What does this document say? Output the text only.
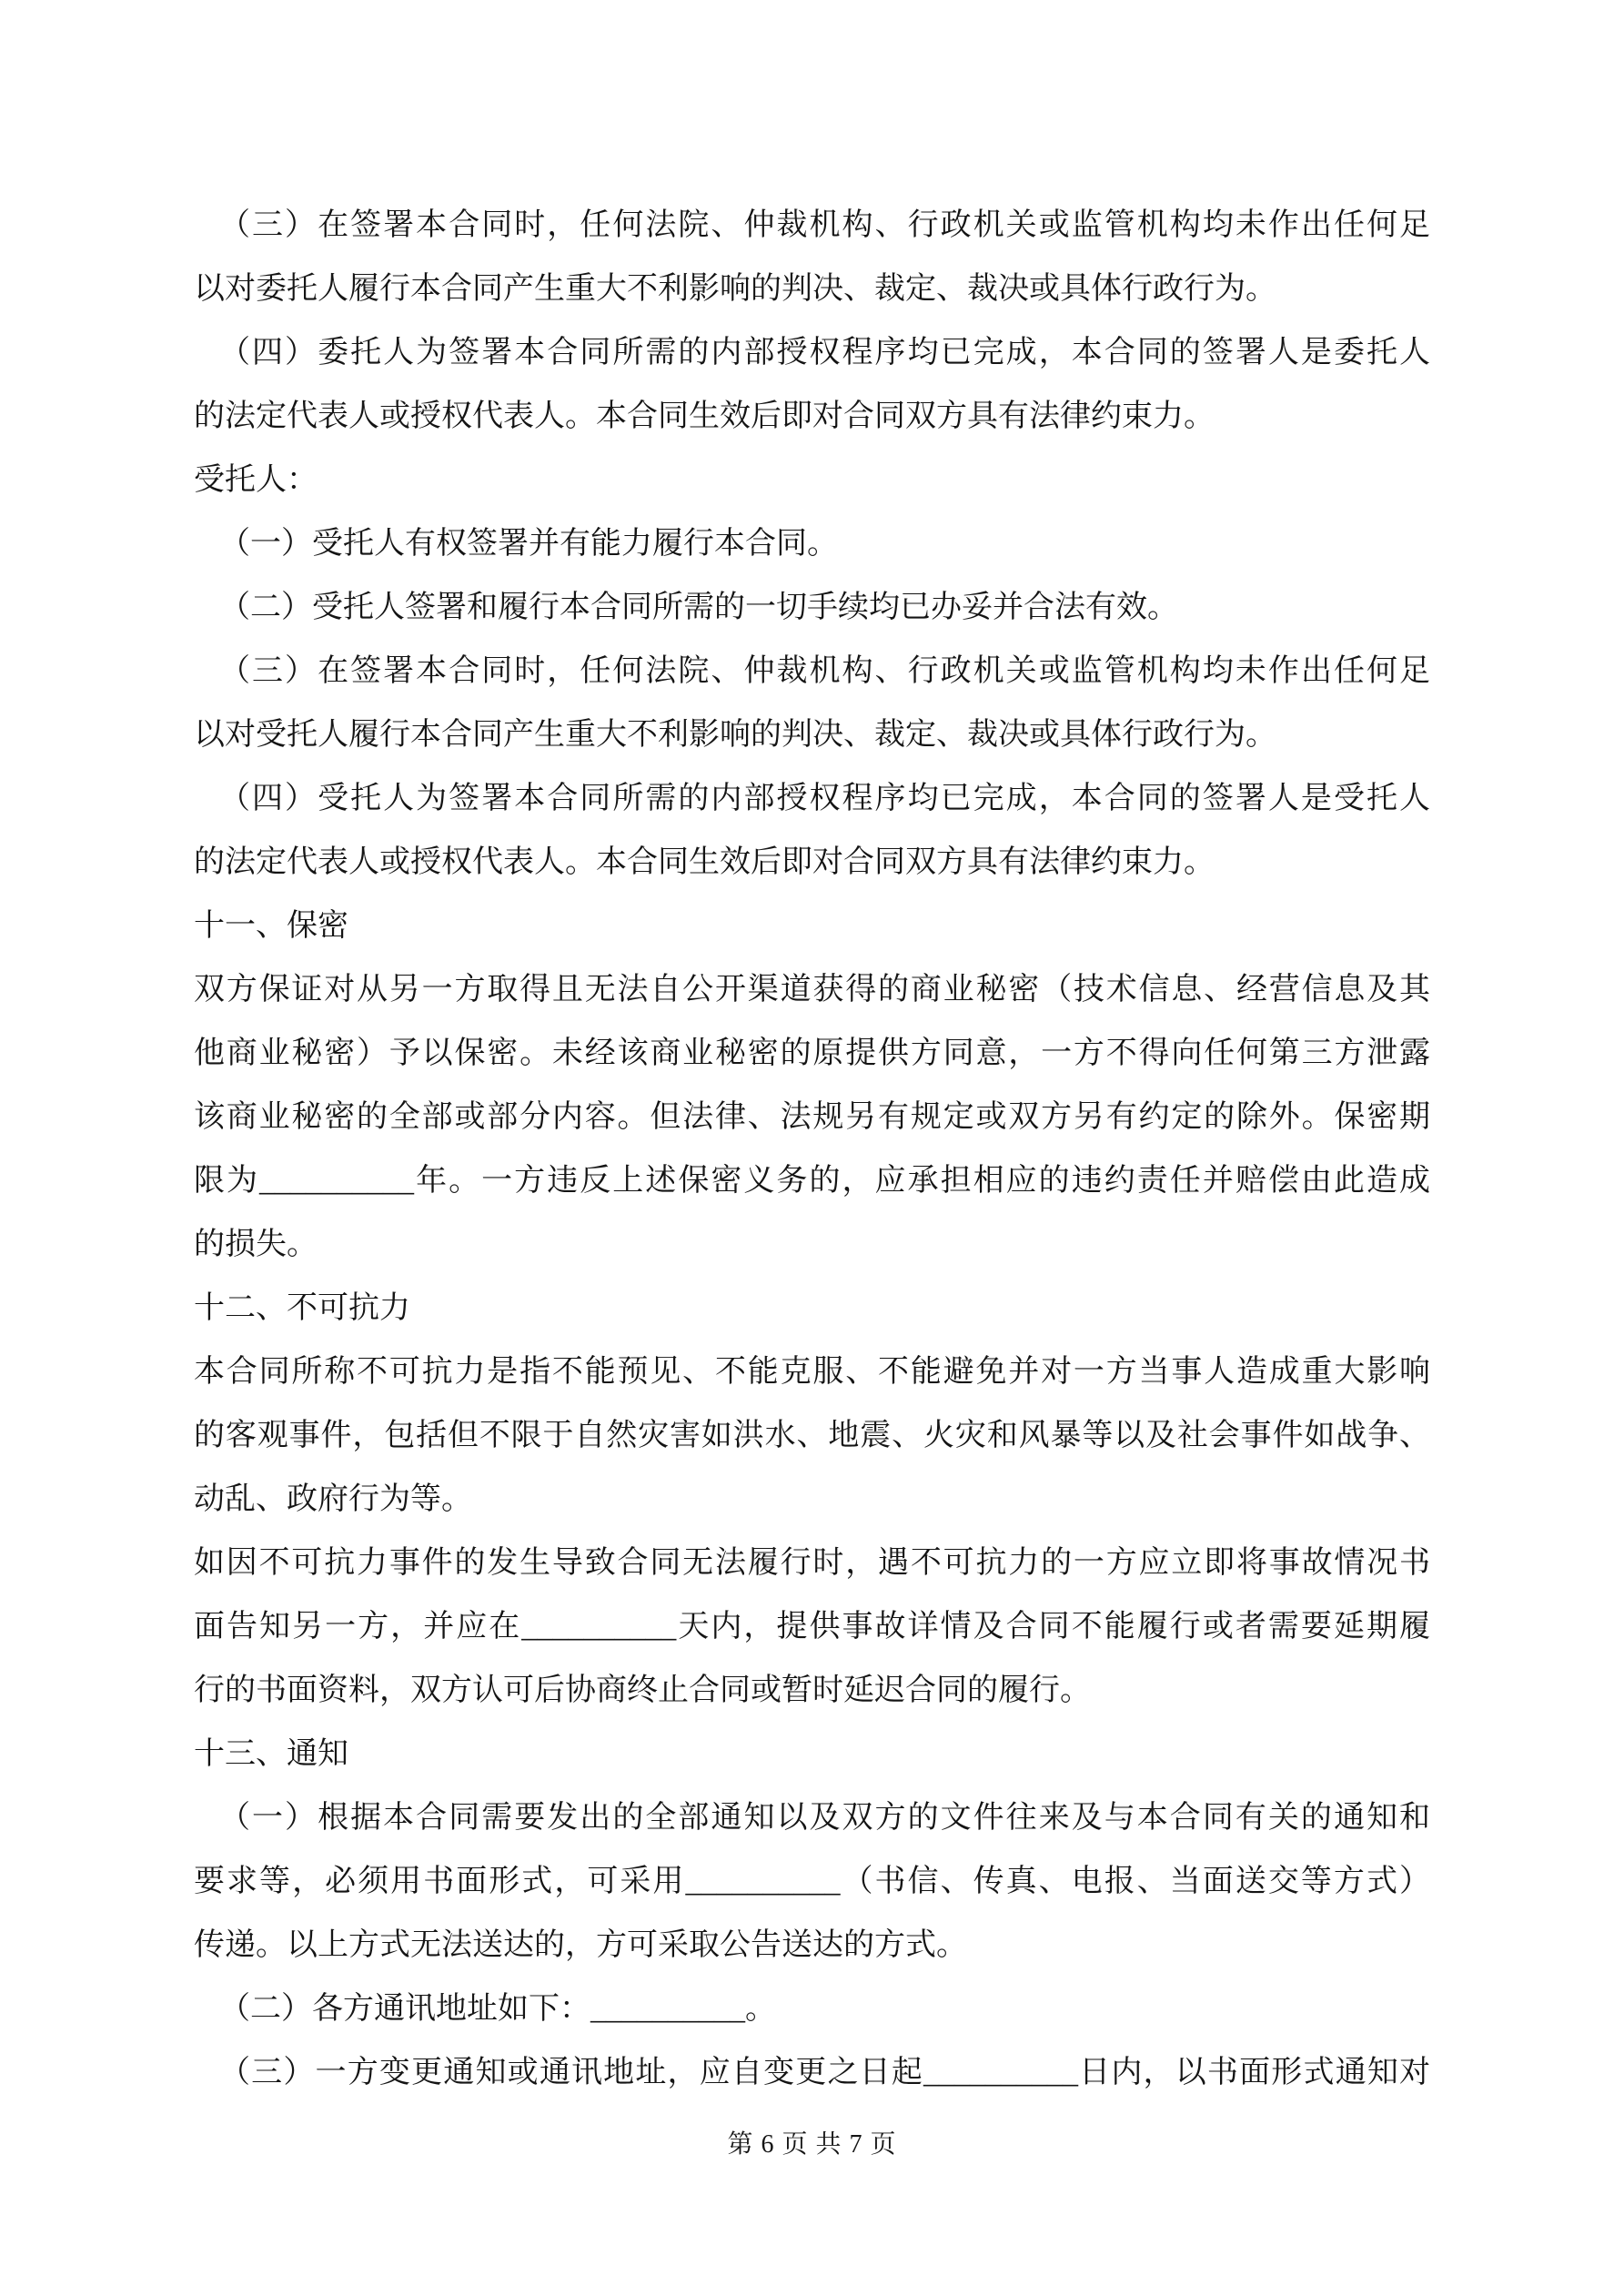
（三）在签署本合同时，任何法院、仲裁机构、行政机关或监管机构均未作出任何足
以对委托人履行本合同产生重大不利影响的判决、裁定、裁决或具体行政行为。
（四）委托人为签署本合同所需的内部授权程序均已完成，本合同的签署人是委托人
的法定代表人或授权代表人。本合同生效后即对合同双方具有法律约束力。
受托人：
（一）受托人有权签署并有能力履行本合同。
（二）受托人签署和履行本合同所需的一切手续均已办妥并合法有效。
（三）在签署本合同时，任何法院、仲裁机构、行政机关或监管机构均未作出任何足
以对受托人履行本合同产生重大不利影响的判决、裁定、裁决或具体行政行为。
（四）受托人为签署本合同所需的内部授权程序均已完成，本合同的签署人是受托人
的法定代表人或授权代表人。本合同生效后即对合同双方具有法律约束力。
十一、保密
双方保证对从另一方取得且无法自公开渠道获得的商业秘密（技术信息、经营信息及其
他商业秘密）予以保密。未经该商业秘密的原提供方同意，一方不得向任何第三方泄露
该商业秘密的全部或部分内容。但法律、法规另有规定或双方另有约定的除外。保密期
限为__________年。一方违反上述保密义务的，应承担相应的违约责任并赔偿由此造成
的损失。
十二、不可抗力
本合同所称不可抗力是指不能预见、不能克服、不能避免并对一方当事人造成重大影响
的客观事件，包括但不限于自然灾害如洪水、地震、火灾和风暴等以及社会事件如战争、
动乱、政府行为等。
如因不可抗力事件的发生导致合同无法履行时，遇不可抗力的一方应立即将事故情况书
面告知另一方，并应在__________天内，提供事故详情及合同不能履行或者需要延期履
行的书面资料，双方认可后协商终止合同或暂时延迟合同的履行。
十三、通知
（一）根据本合同需要发出的全部通知以及双方的文件往来及与本合同有关的通知和
要求等，必须用书面形式，可采用__________（书信、传真、电报、当面送交等方式）
传递。以上方式无法送达的，方可采取公告送达的方式。
（二）各方通讯地址如下：__________。
（三）一方变更通知或通讯地址，应自变更之日起__________日内，以书面形式通知对
第 6 页 共 7 页
